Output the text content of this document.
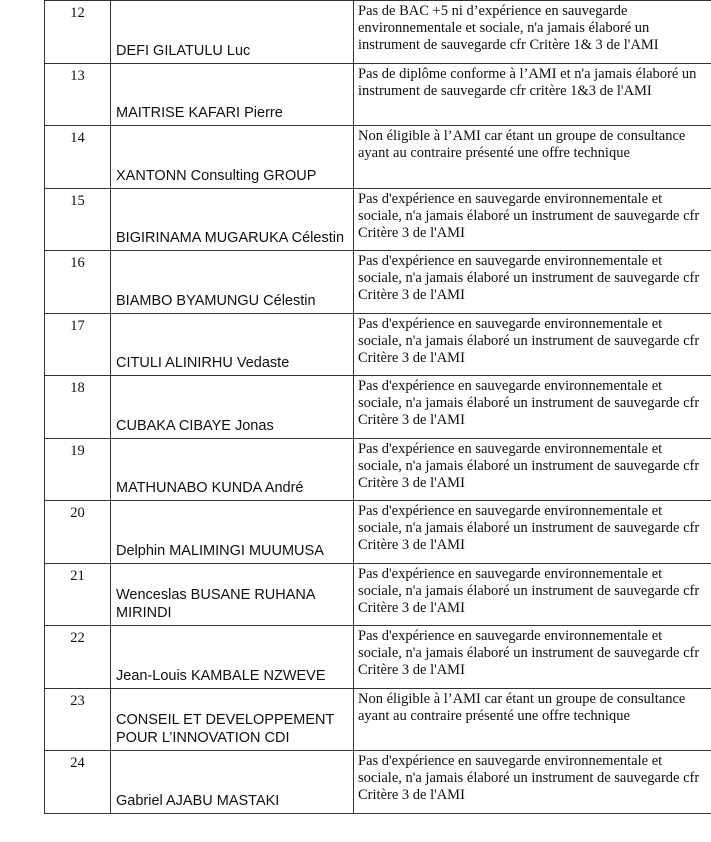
12	DEFI GILATULU Luc	Pas de BAC +5 ni d’expérience en sauvegarde environnementale et sociale, n'a jamais élaboré un instrument de sauvegarde cfr Critère 1& 3 de l'AMI
13	MAITRISE KAFARI Pierre	Pas de diplôme conforme à l’AMI et n'a jamais élaboré un instrument de sauvegarde cfr critère 1&3 de l'AMI
14	XANTONN Consulting GROUP	Non éligible à l’AMI car étant un groupe de consultance ayant au contraire présenté une offre technique
15	BIGIRINAMA MUGARUKA Célestin	Pas d'expérience en sauvegarde environnementale et sociale, n'a jamais élaboré un instrument de sauvegarde cfr Critère 3 de l'AMI
16	BIAMBO BYAMUNGU Célestin	Pas d'expérience en sauvegarde environnementale et sociale, n'a jamais élaboré un instrument de sauvegarde cfr Critère 3 de l'AMI
17	CITULI ALINIRHU Vedaste	Pas d'expérience en sauvegarde environnementale et sociale, n'a jamais élaboré un instrument de sauvegarde cfr Critère 3 de l'AMI
18	CUBAKA CIBAYE Jonas	Pas d'expérience en sauvegarde environnementale et sociale, n'a jamais élaboré un instrument de sauvegarde cfr Critère 3 de l'AMI
19	MATHUNABO KUNDA André	Pas d'expérience en sauvegarde environnementale et sociale, n'a jamais élaboré un instrument de sauvegarde cfr Critère 3 de l'AMI
20	Delphin MALIMINGI MUUMUSA	Pas d'expérience en sauvegarde environnementale et sociale, n'a jamais élaboré un instrument de sauvegarde cfr Critère 3 de l'AMI
21	Wenceslas BUSANE RUHANA MIRINDI	Pas d'expérience en sauvegarde environnementale et sociale, n'a jamais élaboré un instrument de sauvegarde cfr Critère 3 de l'AMI
22	Jean-Louis KAMBALE NZWEVE	Pas d'expérience en sauvegarde environnementale et sociale, n'a jamais élaboré un instrument de sauvegarde cfr Critère 3 de l'AMI
23	CONSEIL ET DEVELOPPEMENT POUR L’INNOVATION CDI	Non éligible à l’AMI car étant un groupe de consultance ayant au contraire présenté une offre technique
24	Gabriel AJABU MASTAKI	Pas d'expérience en sauvegarde environnementale et sociale, n'a jamais élaboré un instrument de sauvegarde cfr Critère 3 de l'AMI
